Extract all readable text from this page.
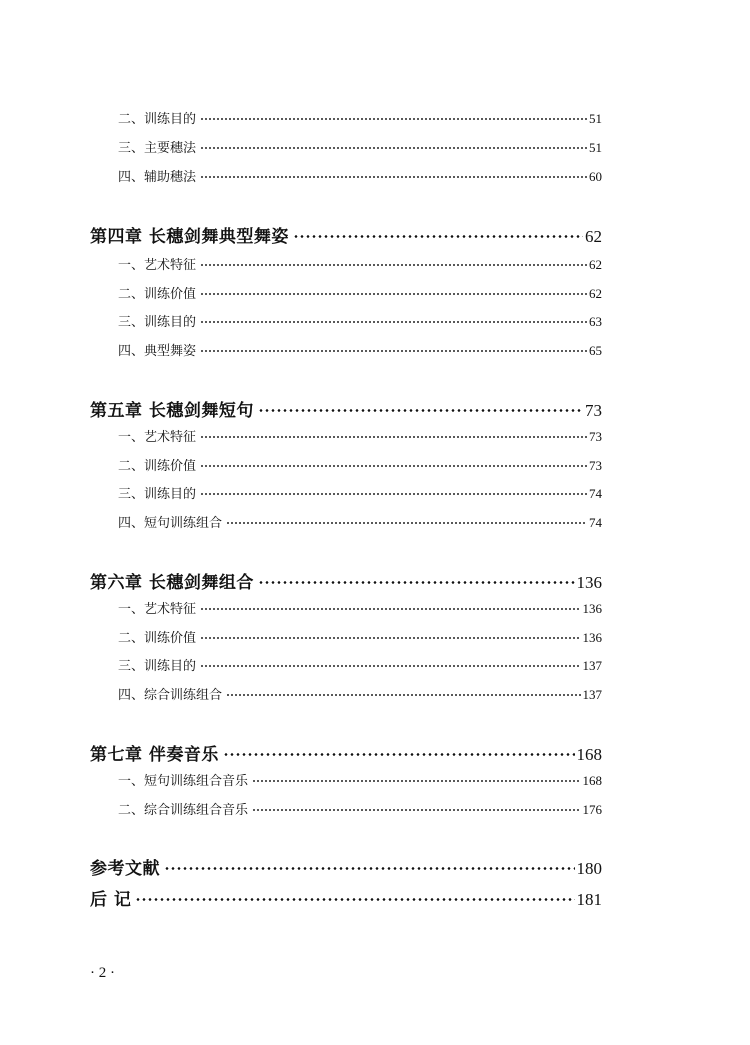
二、训练目的	51
三、主要穗法	51
四、辅助穗法	60
第四章 长穗剑舞典型舞姿	62
一、艺术特征	62
二、训练价值	62
三、训练目的	63
四、典型舞姿	65
第五章 长穗剑舞短句	73
一、艺术特征	73
二、训练价值	73
三、训练目的	74
四、短句训练组合	74
第六章 长穗剑舞组合	136
一、艺术特征	136
二、训练价值	136
三、训练目的	137
四、综合训练组合	137
第七章 伴奏音乐	168
一、短句训练组合音乐	168
二、综合训练组合音乐	176
参考文献	180
后 记	181
· 2 ·
